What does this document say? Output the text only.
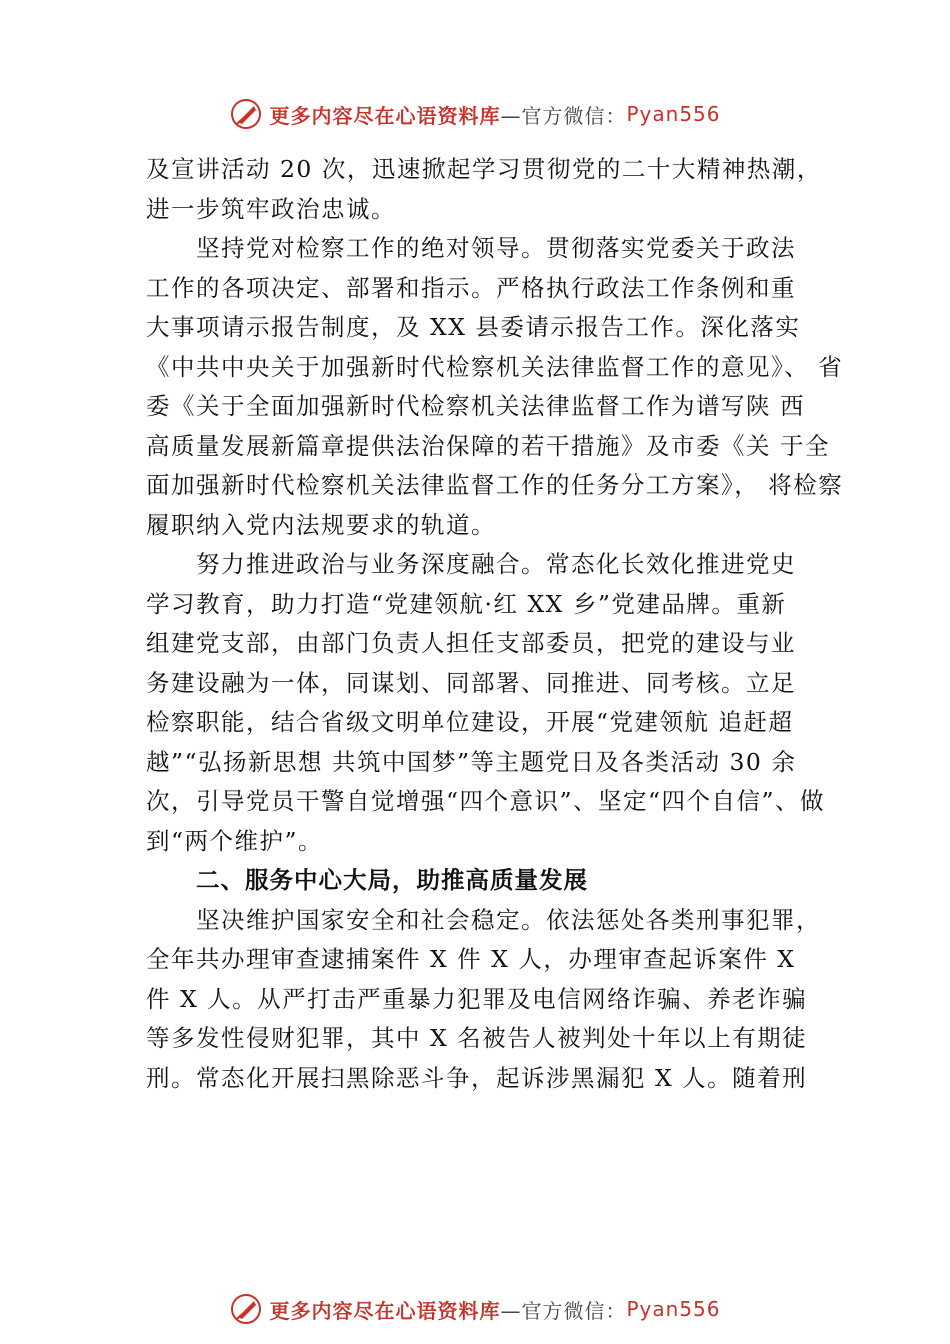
更多内容尽在心语资料库 —官方微信： Pyan556
及宣讲活动 20 次，迅速掀起学习贯彻党的二十大精神热潮，
进一步筑牢政治忠诚。
坚持党对检察工作的绝对领导。贯彻落实党委关于政法
工作的各项决定、部署和指示。严格执行政法工作条例和重
大事项请示报告制度，及 XX 县委请示报告工作。深化落实
《中共中央关于加强新时代检察机关法律监督工作的意见》、 省
委《关于全面加强新时代检察机关法律监督工作为谱写陕 西
高质量发展新篇章提供法治保障的若干措施》及市委《关 于全
面加强新时代检察机关法律监督工作的任务分工方案》， 将检察
履职纳入党内法规要求的轨道。
努力推进政治与业务深度融合。常态化长效化推进党史
学习教育，助力打造“党建领航·红 XX 乡”党建品牌。重新
组建党支部，由部门负责人担任支部委员，把党的建设与业
务建设融为一体，同谋划、同部署、同推进、同考核。立足
检察职能，结合省级文明单位建设，开展“党建领航 追赶超
越”“弘扬新思想 共筑中国梦”等主题党日及各类活动 30 余
次，引导党员干警自觉增强“四个意识”、坚定“四个自信”、做
到“两个维护”。
二、服务中心大局，助推高质量发展
坚决维护国家安全和社会稳定。依法惩处各类刑事犯罪，
全年共办理审查逮捕案件 X 件 X 人，办理审查起诉案件 X
件 X 人。从严打击严重暴力犯罪及电信网络诈骗、养老诈骗
等多发性侵财犯罪，其中 X 名被告人被判处十年以上有期徒
刑。常态化开展扫黑除恶斗争，起诉涉黑漏犯 X 人。随着刑
更多内容尽在心语资料库 —官方微信： Pyan556
